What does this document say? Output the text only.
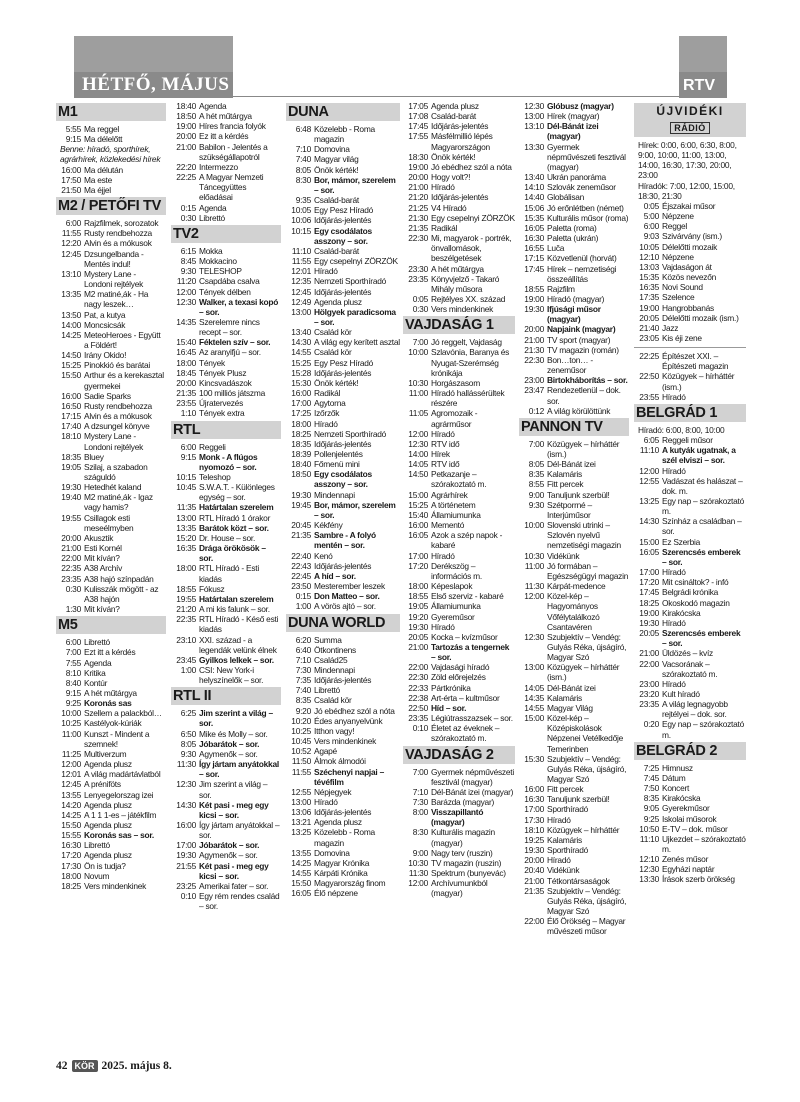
HÉTFŐ, MÁJUS 12.	RTV
M1
5:55 Ma reggel
9:15 Ma délelőtt
Benne: híradó, sporthírek, agrárhírek, közlekedési hírek
16:00 Ma délután
17:50 Ma este
21:50 Ma éjjel
M2 / PETŐFI TV
6:00 Rajzfilmek, sorozatok
11:55 Rusty rendbehozza
12:20 Alvin és a mókusok
12:45 Dzsungelbanda - Mentés indul!
13:10 Mystery Lane - Londoni rejtélyek
13:35 M2 matiné,ák - Ha nagy leszek…
13:50 Pat, a kutya
14:00 Moncsicsák
14:25 MeteoHeroes - Együtt a Földért!
14:50 Irány Okido!
15:25 Pinokkió és barátai
15:50 Arthur és a kerekasztal gyermekei
16:00 Sadie Sparks
16:50 Rusty rendbehozza
17:15 Alvin és a mókusok
17:40 A dzsungel könyve
18:10 Mystery Lane - Londoni rejtélyek
18:35 Bluey
19:05 Szilaj, a szabadon száguldó
19:30 Hetedhét kaland
19:40 M2 matiné,ák - Igaz vagy hamis?
19:55 Csillagok esti meseélmyben
20:00 Akusztik
21:00 Esti Kornél
22:00 Mit kíván?
22:35 A38 Archív
23:35 A38 hajó színpadán
0:30 Kulisszák mögött - az A38 hajón
1:30 Mit kíván?
M5
6:00 Librettó
7:00 Ezt itt a kérdés
7:55 Agenda
8:10 Kritika
8:40 Kontúr
9:15 A hét műtárgya
9:25 Koronás sas
10:00 Szellem a palackból…
10:25 Kastélyok-kúriák
11:00 Kunszt - Mindent a szemnek!
11:25 Multiverzum
12:00 Agenda plusz
12:01 A világ madártávlatból
12:45 A préniföts
13:55 Lenyegelorszag izei
14:20 Agenda plusz
14:25 A 1 1 1-es – játékfilm
15:50 Agenda plusz
15:55 Koronás sas – sor.
16:30 Librettó
17:20 Agenda plusz
17:30 Ön is tudja?
18:00 Novum
18:25 Vers mindenkinek
18:40 Agenda
18:50 A hét műtárgya
19:00 Híres francia folyók
20:00 Ez itt a kérdés
21:00 Babilon - Jelentés a szükségállapotról
22:20 Intermezzo
22:25 A Magyar Nemzeti Táncegyüttes előadásai
0:15 Agenda
0:30 Librettó
TV2
6:15 Mokka
8:45 Mokkacino
9:30 TELESHOP
11:20 Csapdába csalva
12:00 Tények délben
12:30 Walker, a texasi kopó – sor.
14:35 Szerelemre nincs recept – sor.
15:40 Féktelen szív – sor.
16:45 Az aranyifjú – sor.
18:00 Tények
18:45 Tények Plusz
20:00 Kincsvadászok
21:35 100 milliós játszma
23:55 Újratervezés
1:10 Tények extra
RTL
6:00 Reggeli
9:15 Monk - A flúgos nyomozó – sor.
10:15 Teleshop
10:45 S.W.A.T. - Különleges egység – sor.
11:35 Határtalan szerelem
13:00 RTL Híradó 1 órakor
13:35 Barátok közt – sor.
15:20 Dr. House – sor.
16:35 Drága örökösök – sor.
18:00 RTL Híradó - Esti kiadás
18:55 Fókusz
19:55 Határtalan szerelem
21:20 A mi kis falunk – sor.
22:35 RTL Híradó - Késő esti kiadás
23:10 XXI. század - a legendák velünk élnek
23:45 Gyilkos lelkek – sor.
1:00 CSI: New York-i helyszínelők – sor.
RTL II
6:25 Jim szerint a világ – sor.
6:50 Mike és Molly – sor.
8:05 Jóbarátok – sor.
9:30 Agymenők – sor.
11:30 Így jártam anyátokkal – sor.
12:30 Jim szerint a világ – sor.
14:30 Két pasi - meg egy kicsi – sor.
16:00 Így jártam anyátokkal – sor.
17:00 Jóbarátok – sor.
19:30 Agymenők – sor.
21:55 Két pasi - meg egy kicsi – sor.
23:25 Amerikai fater – sor.
0:10 Egy rém rendes család – sor.
DUNA
6:48 Közelebb - Roma magazin
7:10 Domovina
7:40 Magyar világ
8:05 Önök kérték!
8:30 Bor, mámor, szerelem – sor.
9:35 Család-barát
10:05 Egy Pesz Híradó
10:06 Időjárás-jelentés
10:15 Egy csodálatos asszony – sor.
11:10 Család-barát
11:55 Egy csepelnyi ZÖRZÖK
12:01 Híradó
12:35 Nemzeti Sporthíradó
12:45 Időjárás-jelentés
12:49 Agenda plusz
13:00 Hölgyek paradicsoma – sor.
13:40 Család kör
14:30 A világ egy kerített asztal
14:55 Család kör
15:25 Egy Pesz Híradó
15:28 Időjárás-jelentés
15:30 Önök kérték!
16:00 Radikál
17:00 Agytorna
17:25 Izőrzők
18:00 Híradó
18:25 Nemzeti Sporthíradó
18:35 Időjárás-jelentés
18:39 Pollenjelentés
18:40 Főmenü mini
18:50 Egy csodálatos asszony – sor.
19:30 Mindennapi
19:45 Bor, mámor, szerelem – sor.
20:45 Kékfény
21:35 Sambre - A folyó mentén – sor.
22:40 Kenó
22:43 Időjárás-jelentés
22:45 A híd – sor.
23:50 Mesterember leszek
0:15 Don Matteo – sor.
1:00 A vörös ajtó – sor.
DUNA WORLD
6:20 Summa
6:40 Ötkontinens
7:10 Család25
7:30 Mindennapi
7:35 Időjárás-jelentés
7:40 Librettó
8:35 Család kör
9:20 Jó ebédhez szól a nóta
10:20 Édes anyanyelvünk
10:25 Itthon vagy!
10:45 Vers mindenkinek
10:52 Agapé
11:50 Álmok álmodói
11:55 Széchenyi napjai – tévéfilm
12:55 Népjegyek
13:00 Híradó
13:06 Időjárás-jelentés
13:21 Agenda plusz
13:25 Közelebb - Roma magazin
13:55 Domovina
14:25 Magyar Krónika
14:55 Kárpáti Krónika
15:50 Magyarország finom
16:05 Élő népzene
17:05 Agenda plusz
17:08 Család-barát
17:45 Időjárás-jelentés
17:55 Másfélmillió lépés Magyarországon
18:30 Önök kérték!
19:00 Jó ebédhez szól a nóta
20:00 Hogy volt?!
21:00 Híradó
21:20 Időjárás-jelentés
21:25 V4 Híradó
21:30 Egy csepelnyi ZÖRZÖK
21:35 Radikál
22:30 Mi, magyarok - portrék, önvallomások, beszélgetések
23:30 A hét műtárgya
23:35 Könyvjelző - Takaró Mihály műsora
0:05 Rejtélyes XX. század
0:30 Vers mindenkinek
VAJDASÁG 1
7:00 Jó reggelt, Vajdaság
10:00 Szlavónia, Baranya és Nyugat-Szerémség krónikája
10:30 Horgászasom
11:00 Híradó hallássérültek részére
11:05 Agromozaik - agrárműsor
12:00 Híradó
12:30 RTV idő
14:00 Hírek
14:05 RTV idő
14:50 Petkazanje – szórakoztató m.
15:00 Agrárhírek
15:25 A történetem
15:40 Államiumunka
16:00 Mementó
16:05 Azok a szép napok - kabaré
17:00 Híradó
17:20 Derékszög – információs m.
18:00 Képeslapok
18:55 Első szerviz - kabaré
19:05 Államiumunka
19:20 Gyereműsor
19:30 Híradó
20:05 Kocka – kvízműsor
21:00 Tartozás a tengernek – sor.
22:00 Vajdasági híradó
22:30 Zöld előrejelzés
22:33 Pártkrónika
22:38 Art-érta – kultműsor
22:50 Híd – sor.
23:35 Légiútrasszazsek – sor.
0:10 Életet az éveknek – szórakoztató m.
VAJDASÁG 2
7:00 Gyermek népművészeti fesztivál (magyar)
7:10 Dél-Bánát izei (magyar)
7:30 Barázda (magyar)
8:00 Visszapillantó (magyar)
8:30 Kulturális magazin (magyar)
9:00 Nagy terv (ruszin)
10:30 TV magazin (ruszin)
11:30 Spektrum (bunyevác)
12:00 Archívumunkból (magyar)
12:30 Glóbusz (magyar)
13:00 Hírek (magyar)
13:10 Dél-Bánát izei (magyar)
13:30 Gyermek népművészeti fesztivál (magyar)
13:40 Ukrán panoráma
14:10 Szlovák zeneműsor
14:40 Globálisan
15:06 Jó erőnlétben (német)
15:35 Kulturális műsor (roma)
16:05 Paletta (roma)
16:30 Paletta (ukrán)
16:55 Luča
17:15 Közvetlenül (horvát)
17:45 Hírek – nemzetiségi összeállítás
18:55 Rajzfilm
19:00 Híradó (magyar)
19:30 Ifjúsági műsor (magyar)
20:00 Napjaink (magyar)
21:00 TV sport (magyar)
21:30 TV magazin (román)
22:30 Bon…ton… - zeneműsor
23:00 Birtokháborítás – sor.
23:47 Rendezetlenül – dok. sor.
0:12 A világ körülöttünk
PANNON TV
7:00 Közügyek – hírháttér (ism.)
8:05 Dél-Bánát izei
8:35 Kalamáris
8:55 Fitt percek
9:00 Tanuljunk szerbül!
9:30 Szétporrné – Interjúműsor
10:00 Slovenski utrinki – Szlovén nyelvű nemzetiségi magazin
10:30 Vidékünk
11:00 Jó formában – Egészségügyi magazin
11:30 Kárpát-medence
12:00 Közel-kép – Hagyományos Vőfélytalálkozó Csantavéren
12:30 Szubjektív – Vendég: Gulyás Réka, újságíró, Magyar Szó
13:00 Közügyek – hírháttér (ism.)
14:05 Dél-Bánát izei
14:35 Kalamáris
14:55 Magyar Világ
15:00 Közel-kép – Középiskolások Népzenei Vetélkedője Temerinben
15:30 Szubjektív – Vendég: Gulyás Réka, újságíró, Magyar Szó
16:00 Fitt percek
16:30 Tanuljunk szerbül!
17:00 Sporthíradó
17:30 Híradó
18:10 Közügyek – hírháttér
19:25 Kalamáris
19:30 Sporthíradó
20:00 Híradó
20:40 Vidékünk
21:00 Tétkontársaságok
21:35 Szubjektív – Vendég: Gulyás Réka, újságíró, Magyar Szó
22:00 Élő Örökség – Magyar művészeti műsor
ÚJVIDÉKI
RÁDIÓ
Hírek: 0:00, 6:00, 6:30, 8:00, 9:00, 10:00, 11:00, 13:00, 14:00, 16:30, 17:30, 20:00, 23:00
Híradók: 7:00, 12:00, 15:00, 18:30, 21:30
0:05 Éjszakai műsor
5:00 Népzene
6:00 Reggel
9:03 Szivárvány (ism.)
10:05 Délelőtti mozaik
12:10 Népzene
13:03 Vajdaságon át
15:35 Közös nevezőn
16:35 Novi Sound
17:35 Szelence
19:00 Hangrobbanás
20:05 Délelőtti mozaik (ism.)
21:40 Jazz
23:05 Kis éji zene
22:25 Építészet XXI. – Építészeti magazin
22:50 Közügyek – hírháttér (ism.)
23:55 Híradó
BELGRÁD 1
Híradó: 6:00, 8:00, 10:00
6:05 Reggeli műsor
11:10 A kutyák ugatnak, a szél elviszi – sor.
12:00 Híradó
12:55 Vadászat és halászat – dok. m.
13:25 Egy nap – szórakoztató m.
14:30 Színház a családban – sor.
15:00 Ez Szerbia
16:05 Szerencsés emberek – sor.
17:00 Híradó
17:20 Mit csináltok? - infó
17:45 Belgrádi krónika
18:25 Okoskodó magazin
19:00 Kirakócska
19:30 Híradó
20:05 Szerencsés emberek – sor.
21:00 Üldözés – kvíz
22:00 Vacsorának – szórakoztató m.
23:00 Híradó
23:20 Kult híradó
23:35 A világ legnagyobb rejtélyei – dok. sor.
0:20 Egy nap – szórakoztató m.
BELGRÁD 2
7:25 Himnusz
7:45 Dátum
7:50 Koncert
8:35 Kirakócska
9:05 Gyerekműsor
9:25 Iskolai műsorok
10:50 E-TV – dok. műsor
11:10 Ujkezdet – szórakoztató m.
12:10 Zenés műsor
12:30 Egyházi naptár
13:30 Írások szerb örökség
42 KÖR 2025. május 8.
